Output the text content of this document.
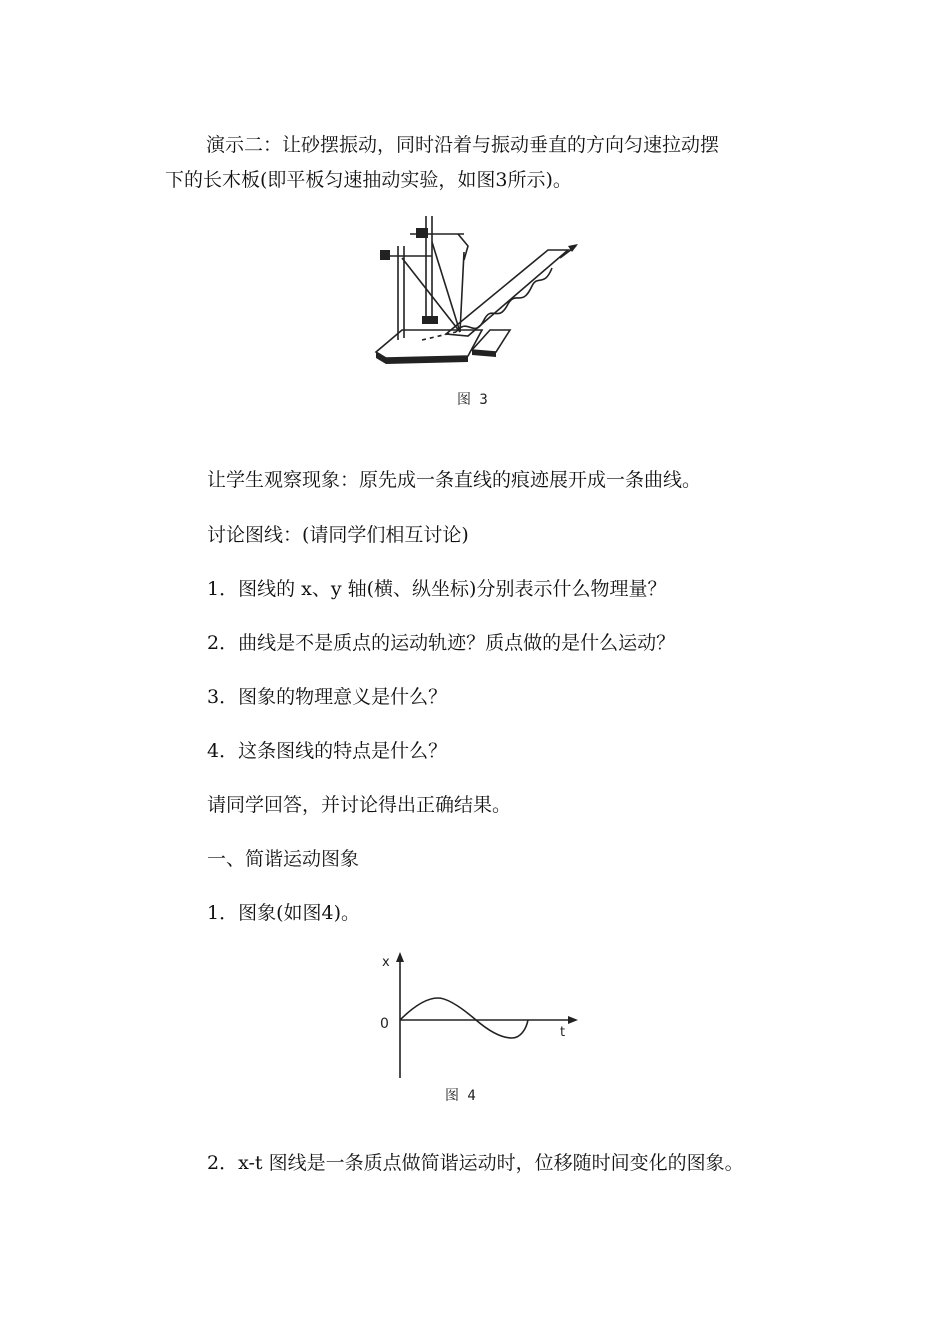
演示二：让砂摆振动，同时沿着与振动垂直的方向匀速拉动摆
下的长木板(即平板匀速抽动实验，如图3所示)。
图 3
让学生观察现象：原先成一条直线的痕迹展开成一条曲线。
讨论图线：(请同学们相互讨论)
1．图线的 x、y 轴(横、纵坐标)分别表示什么物理量？
2．曲线是不是质点的运动轨迹？质点做的是什么运动？
3．图象的物理意义是什么？
4．这条图线的特点是什么？
请同学回答，并讨论得出正确结果。
一、简谐运动图象
1．图象(如图4)。
x
0
t
图 4
2．x-t 图线是一条质点做简谐运动时，位移随时间变化的图象。
